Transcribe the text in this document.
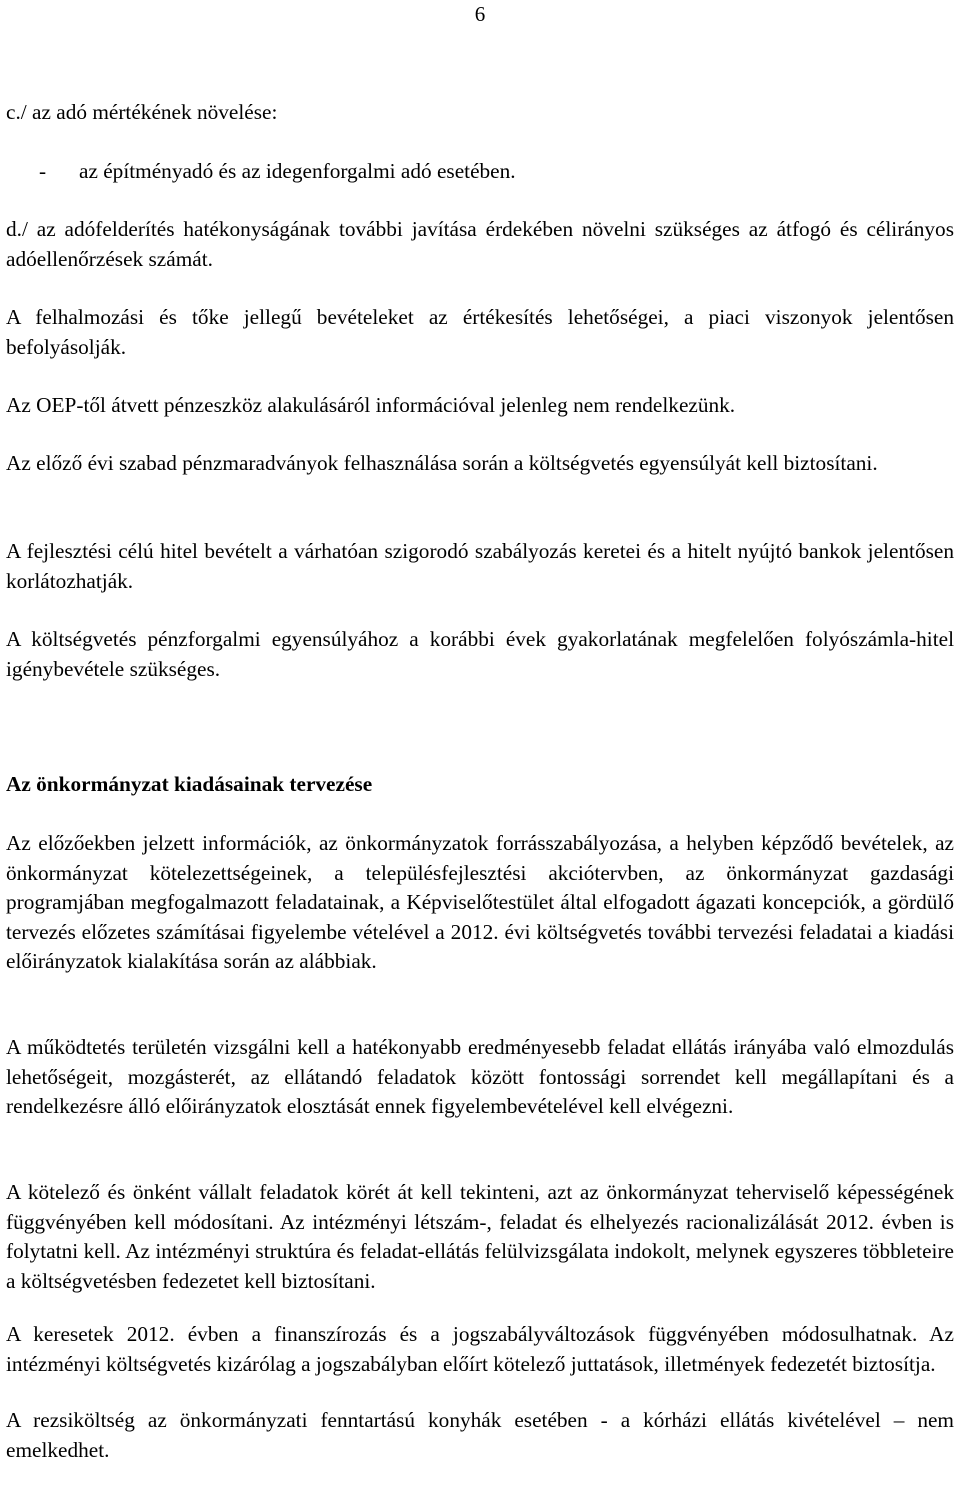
6

c./ az adó mértékének növelése:

- az építményadó és az idegenforgalmi adó esetében.

d./ az adófelderítés hatékonyságának további javítása érdekében növelni szükséges az átfogó és célirányos adóellenőrzések számát.

A felhalmozási és tőke jellegű bevételeket az értékesítés lehetőségei, a piaci viszonyok jelentősen befolyásolják.

Az OEP-től átvett pénzeszköz alakulásáról információval jelenleg nem rendelkezünk.

Az előző évi szabad pénzmaradványok felhasználása során a költségvetés egyensúlyát kell biztosítani.

A fejlesztési célú hitel bevételt a várhatóan szigorodó szabályozás keretei és a hitelt nyújtó bankok jelentősen korlátozhatják.

A költségvetés pénzforgalmi egyensúlyához a korábbi évek gyakorlatának megfelelően folyószámla-hitel igénybevétele szükséges.

Az önkormányzat kiadásainak tervezése

Az előzőekben jelzett információk, az önkormányzatok forrásszabályozása, a helyben képződő bevételek, az önkormányzat kötelezettségeinek, a településfejlesztési akciótervben, az önkormányzat gazdasági programjában megfogalmazott feladatainak, a Képviselőtestület által elfogadott ágazati koncepciók, a gördülő tervezés előzetes számításai figyelembe vételével a 2012. évi költségvetés további tervezési feladatai a kiadási előirányzatok kialakítása során az alábbiak.

A működtetés területén vizsgálni kell a hatékonyabb eredményesebb feladat ellátás irányába való elmozdulás lehetőségeit, mozgásterét, az ellátandó feladatok között fontossági sorrendet kell megállapítani és a rendelkezésre álló előirányzatok elosztását ennek figyelembevételével kell elvégezni.

A kötelező és önként vállalt feladatok körét át kell tekinteni, azt az önkormányzat teherviselő képességének függvényében kell módosítani. Az intézményi létszám-, feladat és elhelyezés racionalizálását 2012. évben is folytatni kell. Az intézményi struktúra és feladat-ellátás felülvizsgálata indokolt, melynek egyszeres többleteire a költségvetésben fedezetet kell biztosítani.

A keresetek 2012. évben a finanszírozás és a jogszabályváltozások függvényében módosulhatnak. Az intézményi költségvetés kizárólag a jogszabályban előírt kötelező juttatások, illetmények fedezetét biztosítja.

A rezsiköltség az önkormányzati fenntartású konyhák esetében - a kórházi ellátás kivételével – nem emelkedhet.
